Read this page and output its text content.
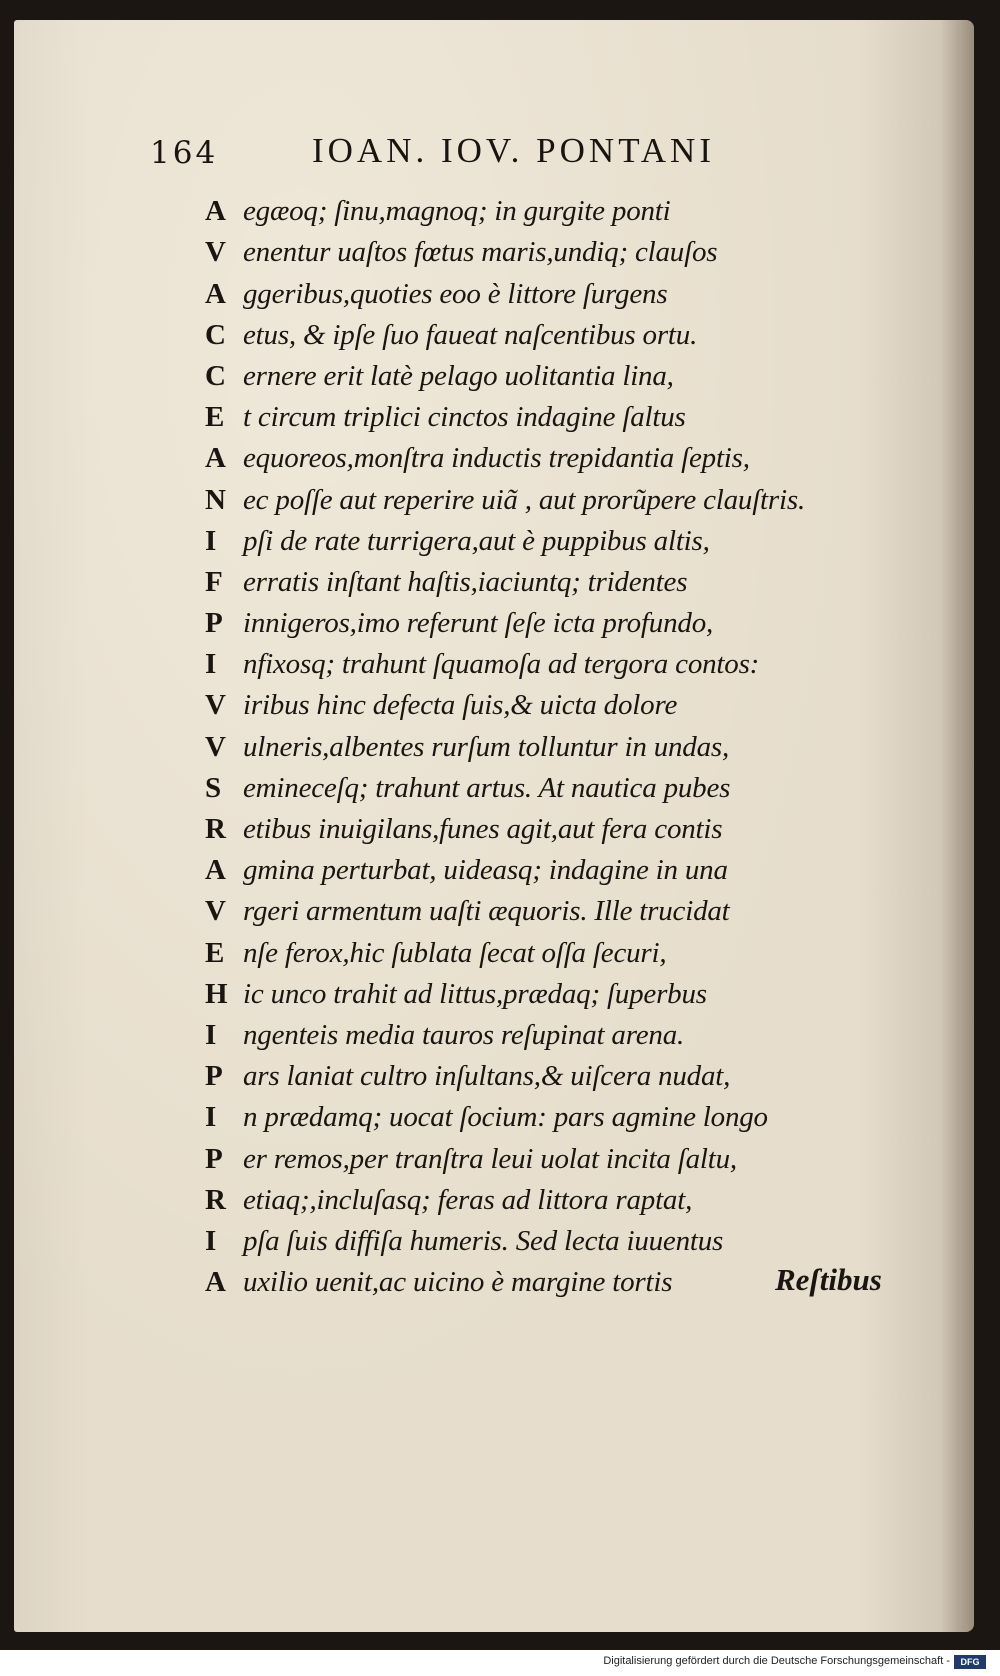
164	IOAN. IOV. PONTANI
A egæoq; ſinu,magnoq; in gurgite ponti
V enentur uaſtos fœtus maris,undiq; clauſos
A ggeribus,quoties eoo è littore ſurgens
C etus, & ipſe ſuo faueat naſcentibus ortu.
C ernere erit latè pelago uolitantia lina,
E t circum triplici cinctos indagine ſaltus
A equoreos,monſtra inductis trepidantia ſeptis,
N ec poſſe aut reperire uiã , aut prorũpere clauſtris.
I pſi de rate turrigera,aut è puppibus altis,
F erratis inſtant haſtis,iaciuntq; tridentes
P innigeros,imo referunt ſeſe icta profundo,
I nfixosq; trahunt ſquamoſa ad tergora contos:
V iribus hinc defecta ſuis,& uicta dolore
V ulneris,albentes rurſum tolluntur in undas,
S emineceſq; trahunt artus. At nautica pubes
R etibus inuigilans,funes agit,aut fera contis
A gmina perturbat, uideasq; indagine in una
V rgeri armentum uaſti æquoris. Ille trucidat
E nſe ferox,hic ſublata ſecat oſſa ſecuri,
H ic unco trahit ad littus,prædaq; ſuperbus
I ngenteis media tauros reſupinat arena.
P ars laniat cultro inſultans,& uiſcera nudat,
I n prædamq; uocat ſocium: pars agmine longo
P er remos,per tranſtra leui uolat incita ſaltu,
R etiaq;,incluſasq; feras ad littora raptat,
I pſa ſuis diffiſa humeris. Sed lecta iuuentus
A uxilio uenit,ac uicino è margine tortis	Reſtibus
Digitalisierung gefördert durch die Deutsche Forschungsgemeinschaft -	DFG
